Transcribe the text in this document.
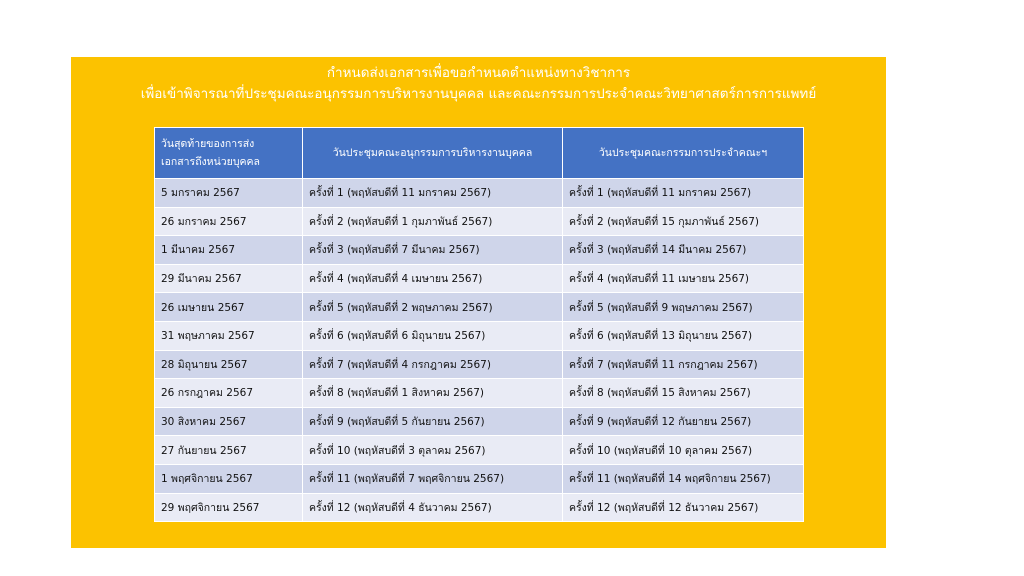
กำหนดส่งเอกสารเพื่อขอกำหนดตำแหน่งทางวิชาการ
เพื่อเข้าพิจารณาที่ประชุมคณะอนุกรรมการบริหารงานบุคคล และคณะกรรมการประจำคณะวิทยาศาสตร์การการแพทย์
วันสุดท้ายของการส่ง
เอกสารถึงหน่วยบุคคล	วันประชุมคณะอนุกรรมการบริหารงานบุคคล	วันประชุมคณะกรรมการประจำคณะฯ
5 มกราคม 2567	ครั้งที่ 1 (พฤหัสบดีที่ 11 มกราคม 2567)	ครั้งที่ 1 (พฤหัสบดีที่ 11 มกราคม 2567)
26 มกราคม 2567	ครั้งที่ 2 (พฤหัสบดีที่ 1 กุมภาพันธ์ 2567)	ครั้งที่ 2 (พฤหัสบดีที่ 15 กุมภาพันธ์ 2567)
1 มีนาคม 2567	ครั้งที่ 3 (พฤหัสบดีที่ 7 มีนาคม 2567)	ครั้งที่ 3 (พฤหัสบดีที่ 14 มีนาคม 2567)
29 มีนาคม 2567	ครั้งที่ 4 (พฤหัสบดีที่ 4 เมษายน 2567)	ครั้งที่ 4 (พฤหัสบดีที่ 11 เมษายน 2567)
26 เมษายน 2567	ครั้งที่ 5 (พฤหัสบดีที่ 2 พฤษภาคม 2567)	ครั้งที่ 5 (พฤหัสบดีที่ 9 พฤษภาคม 2567)
31 พฤษภาคม 2567	ครั้งที่ 6 (พฤหัสบดีที่ 6 มิถุนายน 2567)	ครั้งที่ 6 (พฤหัสบดีที่ 13 มิถุนายน 2567)
28 มิถุนายน 2567	ครั้งที่ 7 (พฤหัสบดีที่ 4 กรกฎาคม 2567)	ครั้งที่ 7 (พฤหัสบดีที่ 11 กรกฎาคม 2567)
26 กรกฎาคม 2567	ครั้งที่ 8 (พฤหัสบดีที่ 1 สิงหาคม 2567)	ครั้งที่ 8 (พฤหัสบดีที่ 15 สิงหาคม 2567)
30 สิงหาคม 2567	ครั้งที่ 9 (พฤหัสบดีที่ 5 กันยายน 2567)	ครั้งที่ 9 (พฤหัสบดีที่ 12 กันยายน 2567)
27 กันยายน 2567	ครั้งที่ 10 (พฤหัสบดีที่ 3 ตุลาคม 2567)	ครั้งที่ 10 (พฤหัสบดีที่ 10 ตุลาคม 2567)
1 พฤศจิกายน 2567	ครั้งที่ 11 (พฤหัสบดีที่ 7 พฤศจิกายน 2567)	ครั้งที่ 11 (พฤหัสบดีที่ 14 พฤศจิกายน 2567)
29 พฤศจิกายน 2567	ครั้งที่ 12 (พฤหัสบดีที่ 4 ธันวาคม 2567)	ครั้งที่ 12 (พฤหัสบดีที่ 12 ธันวาคม 2567)
